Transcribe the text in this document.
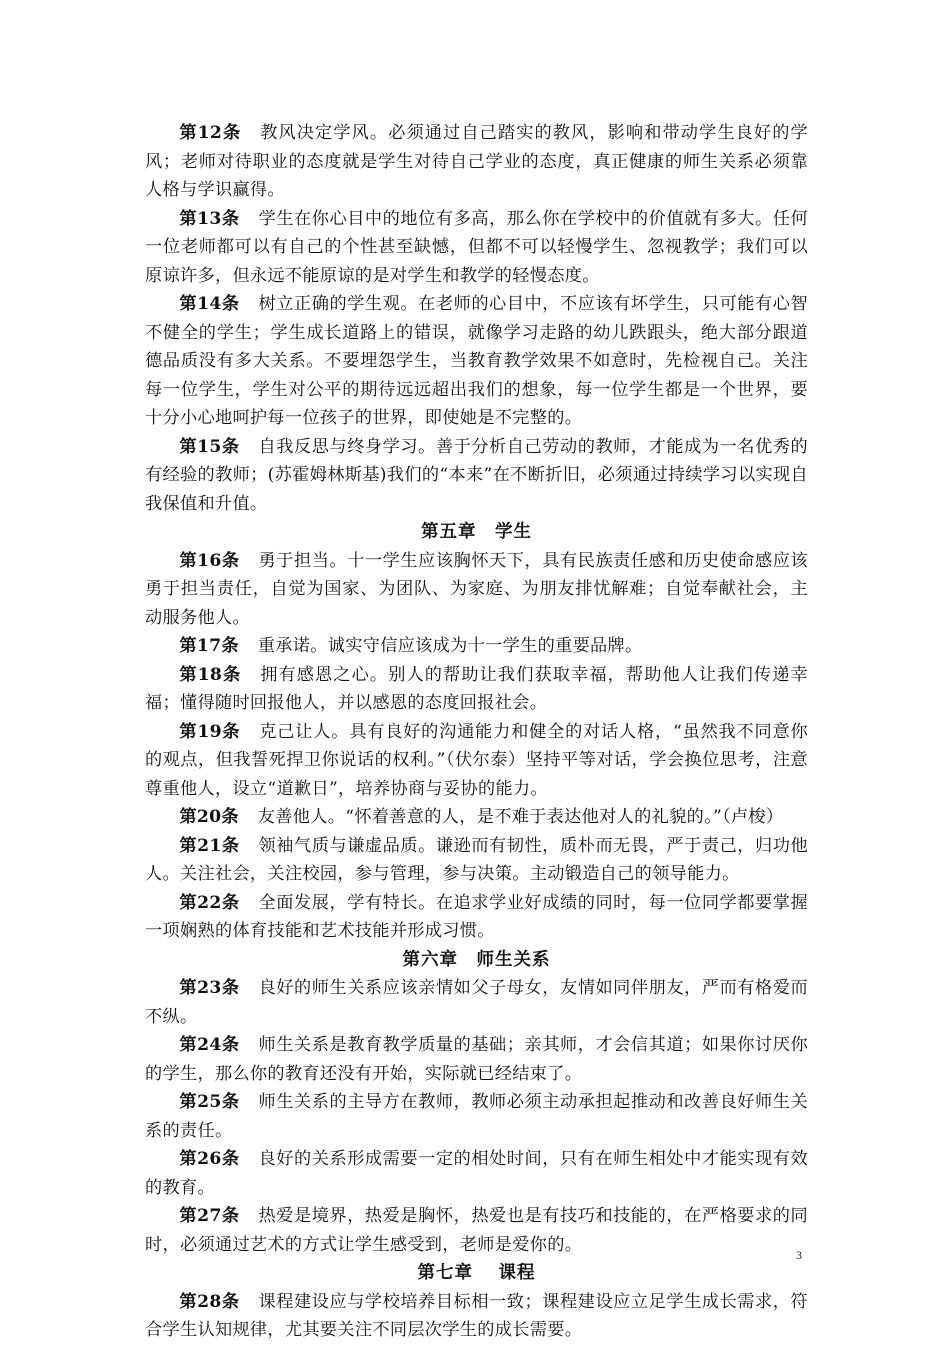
第12条 教风决定学风。必须通过自己踏实的教风，影响和带动学生良好的学风；老师对待职业的态度就是学生对待自己学业的态度，真正健康的师生关系必须靠人格与学识赢得。

第13条 学生在你心目中的地位有多高，那么你在学校中的价值就有多大。任何一位老师都可以有自己的个性甚至缺憾，但都不可以轻慢学生、忽视教学；我们可以原谅许多，但永远不能原谅的是对学生和教学的轻慢态度。

第14条 树立正确的学生观。在老师的心目中，不应该有坏学生，只可能有心智不健全的学生；学生成长道路上的错误，就像学习走路的幼儿跌跟头，绝大部分跟道德品质没有多大关系。不要埋怨学生，当教育教学效果不如意时，先检视自己。关注每一位学生，学生对公平的期待远远超出我们的想象，每一位学生都是一个世界，要十分小心地呵护每一位孩子的世界，即使她是不完整的。

第15条 自我反思与终身学习。善于分析自己劳动的教师，才能成为一名优秀的有经验的教师；(苏霍姆林斯基)我们的“本来”在不断折旧，必须通过持续学习以实现自我保值和升值。

第五章　学生

第16条 勇于担当。十一学生应该胸怀天下，具有民族责任感和历史使命感应该勇于担当责任，自觉为国家、为团队、为家庭、为朋友排忧解难；自觉奉献社会，主动服务他人。

第17条 重承诺。诚实守信应该成为十一学生的重要品牌。

第18条 拥有感恩之心。别人的帮助让我们获取幸福，帮助他人让我们传递幸福；懂得随时回报他人，并以感恩的态度回报社会。

第19条 克己让人。具有良好的沟通能力和健全的对话人格，“虽然我不同意你的观点，但我誓死捍卫你说话的权利。”（伏尔泰）坚持平等对话，学会换位思考，注意尊重他人，设立“道歉日”，培养协商与妥协的能力。

第20条 友善他人。“怀着善意的人，是不难于表达他对人的礼貌的。”（卢梭）

第21条 领袖气质与谦虚品质。谦逊而有韧性，质朴而无畏，严于责己，归功他人。关注社会，关注校园，参与管理，参与决策。主动锻造自己的领导能力。

第22条 全面发展，学有特长。在追求学业好成绩的同时，每一位同学都要掌握一项娴熟的体育技能和艺术技能并形成习惯。

第六章　师生关系

第23条 良好的师生关系应该亲情如父子母女，友情如同伴朋友，严而有格爱而不纵。

第24条 师生关系是教育教学质量的基础；亲其师，才会信其道；如果你讨厌你的学生，那么你的教育还没有开始，实际就已经结束了。

第25条 师生关系的主导方在教师，教师必须主动承担起推动和改善良好师生关系的责任。

第26条 良好的关系形成需要一定的相处时间，只有在师生相处中才能实现有效的教育。

第27条 热爱是境界，热爱是胸怀，热爱也是有技巧和技能的，在严格要求的同时，必须通过艺术的方式让学生感受到，老师是爱你的。

第七章　 课程

第28条 课程建设应与学校培养目标相一致；课程建设应立足学生成长需求，符合学生认知规律，尤其要关注不同层次学生的成长需要。

3
